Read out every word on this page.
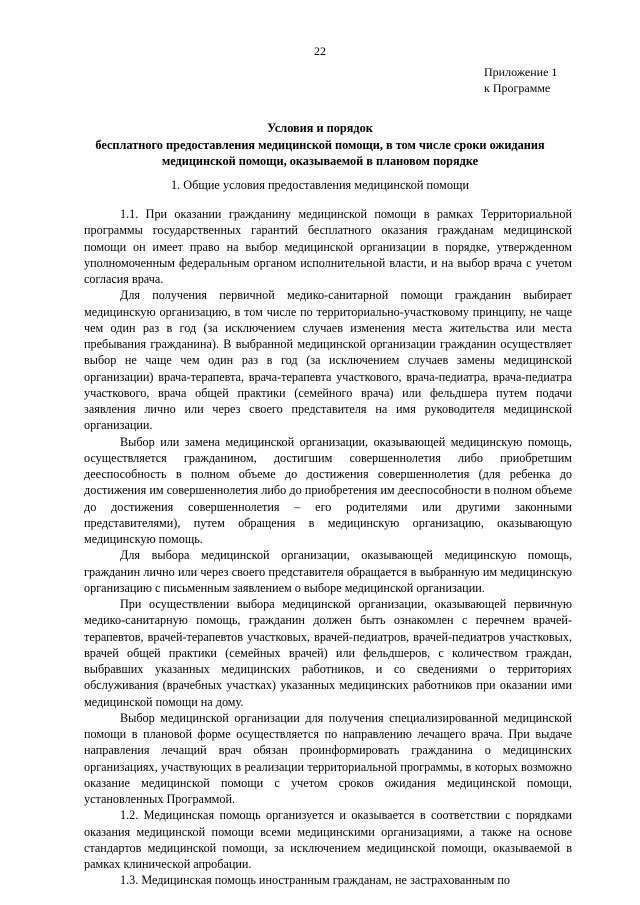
22
Приложение 1
к Программе
Условия и порядок
бесплатного предоставления медицинской помощи, в том числе сроки ожидания
медицинской помощи, оказываемой в плановом порядке
1. Общие условия предоставления медицинской помощи

1.1. При оказании гражданину медицинской помощи в рамках Территориальной программы государственных гарантий бесплатного оказания гражданам медицинской помощи он имеет право на выбор медицинской организации в порядке, утвержденном уполномоченным федеральным органом исполнительной власти, и на выбор врача с учетом согласия врача.

Для получения первичной медико-санитарной помощи гражданин выбирает медицинскую организацию, в том числе по территориально-участковому принципу, не чаще чем один раз в год (за исключением случаев изменения места жительства или места пребывания гражданина). В выбранной медицинской организации гражданин осуществляет выбор не чаще чем один раз в год (за исключением случаев замены медицинской организации) врача-терапевта, врача-терапевта участкового, врача-педиатра, врача-педиатра участкового, врача общей практики (семейного врача) или фельдшера путем подачи заявления лично или через своего представителя на имя руководителя медицинской организации.

Выбор или замена медицинской организации, оказывающей медицинскую помощь, осуществляется гражданином, достигшим совершеннолетия либо приобретшим дееспособность в полном объеме до достижения совершеннолетия (для ребенка до достижения им совершеннолетия либо до приобретения им дееспособности в полном объеме до достижения совершеннолетия – его родителями или другими законными представителями), путем обращения в медицинскую организацию, оказывающую медицинскую помощь.

Для выбора медицинской организации, оказывающей медицинскую помощь, гражданин лично или через своего представителя обращается в выбранную им медицинскую организацию с письменным заявлением о выборе медицинской организации.

При осуществлении выбора медицинской организации, оказывающей первичную медико-санитарную помощь, гражданин должен быть ознакомлен с перечнем врачей-терапевтов, врачей-терапевтов участковых, врачей-педиатров, врачей-педиатров участковых, врачей общей практики (семейных врачей) или фельдшеров, с количеством граждан, выбравших указанных медицинских работников, и со сведениями о территориях обслуживания (врачебных участках) указанных медицинских работников при оказании ими медицинской помощи на дому.

Выбор медицинской организации для получения специализированной медицинской помощи в плановой форме осуществляется по направлению лечащего врача. При выдаче направления лечащий врач обязан проинформировать гражданина о медицинских организациях, участвующих в реализации территориальной программы, в которых возможно оказание медицинской помощи с учетом сроков ожидания медицинской помощи, установленных Программой.

1.2. Медицинская помощь организуется и оказывается в соответствии с порядками оказания медицинской помощи всеми медицинскими организациями, а также на основе стандартов медицинской помощи, за исключением медицинской помощи, оказываемой в рамках клинической апробации.

1.3. Медицинская помощь иностранным гражданам, не застрахованным по
